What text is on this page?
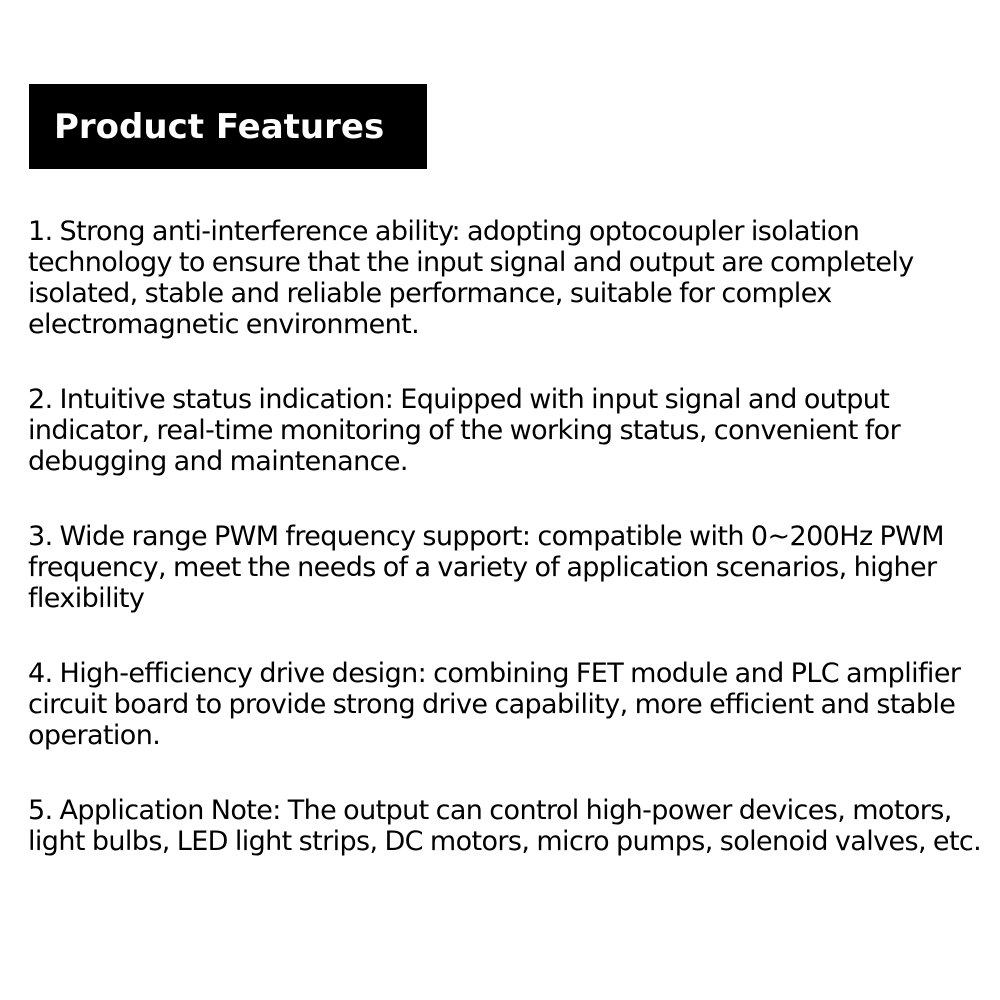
Product Features
1. Strong anti-interference ability: adopting optocoupler isolation technology to ensure that the input signal and output are completely isolated, stable and reliable performance, suitable for complex electromagnetic environment.
2. Intuitive status indication: Equipped with input signal and output indicator, real-time monitoring of the working status, convenient for debugging and maintenance.
3. Wide range PWM frequency support: compatible with 0~200Hz PWM frequency, meet the needs of a variety of application scenarios, higher flexibility
4. High-efficiency drive design: combining FET module and PLC amplifier circuit board to provide strong drive capability, more efficient and stable operation.
5. Application Note: The output can control high-power devices, motors, light bulbs, LED light strips, DC motors, micro pumps, solenoid valves, etc.
